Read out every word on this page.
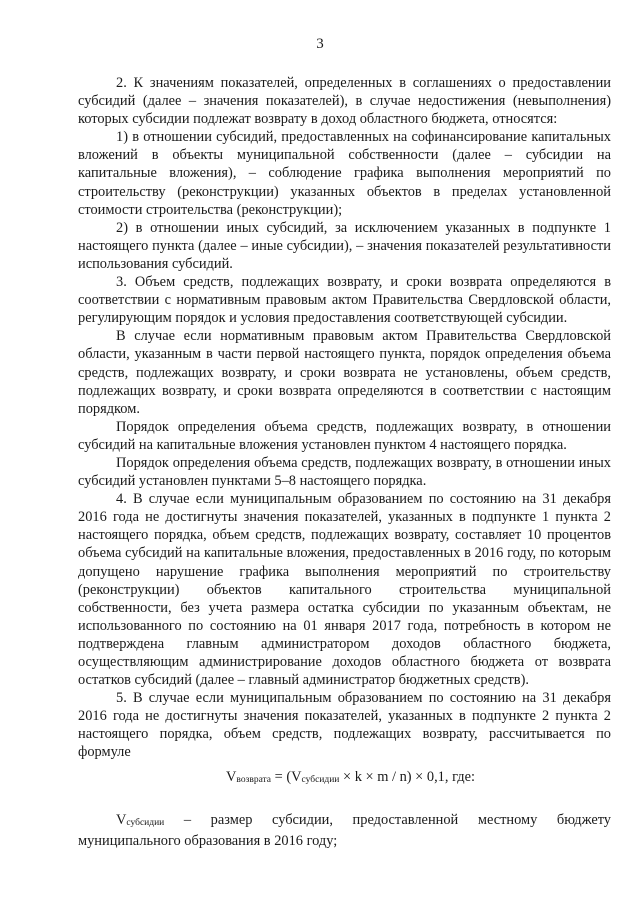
3

2. К значениям показателей, определенных в соглашениях о предоставлении субсидий (далее – значения показателей), в случае недостижения (невыполнения) которых субсидии подлежат возврату в доход областного бюджета, относятся:

1) в отношении субсидий, предоставленных на софинансирование капитальных вложений в объекты муниципальной собственности (далее – субсидии на капитальные вложения), – соблюдение графика выполнения мероприятий по строительству (реконструкции) указанных объектов в пределах установленной стоимости строительства (реконструкции);

2) в отношении иных субсидий, за исключением указанных в подпункте 1 настоящего пункта (далее – иные субсидии), – значения показателей результативности использования субсидий.

3. Объем средств, подлежащих возврату, и сроки возврата определяются в соответствии с нормативным правовым актом Правительства Свердловской области, регулирующим порядок и условия предоставления соответствующей субсидии.

В случае если нормативным правовым актом Правительства Свердловской области, указанным в части первой настоящего пункта, порядок определения объема средств, подлежащих возврату, и сроки возврата не установлены, объем средств, подлежащих возврату, и сроки возврата определяются в соответствии с настоящим порядком.

Порядок определения объема средств, подлежащих возврату, в отношении субсидий на капитальные вложения установлен пунктом 4 настоящего порядка.

Порядок определения объема средств, подлежащих возврату, в отношении иных субсидий установлен пунктами 5–8 настоящего порядка.

4. В случае если муниципальным образованием по состоянию на 31 декабря 2016 года не достигнуты значения показателей, указанных в подпункте 1 пункта 2 настоящего порядка, объем средств, подлежащих возврату, составляет 10 процентов объема субсидий на капитальные вложения, предоставленных в 2016 году, по которым допущено нарушение графика выполнения мероприятий по строительству (реконструкции) объектов капитального строительства муниципальной собственности, без учета размера остатка субсидии по указанным объектам, не использованного по состоянию на 01 января 2017 года, потребность в котором не подтверждена главным администратором доходов областного бюджета, осуществляющим администрирование доходов областного бюджета от возврата остатков субсидий (далее – главный администратор бюджетных средств).

5. В случае если муниципальным образованием по состоянию на 31 декабря 2016 года не достигнуты значения показателей, указанных в подпункте 2 пункта 2 настоящего порядка, объем средств, подлежащих возврату, рассчитывается по формуле

$V_{возврата} = (V_{субсидии} \times k \times m / n) \times 0,1$, где:

$V_{субсидии}$ – размер субсидии, предоставленной местному бюджету муниципального образования в 2016 году;
